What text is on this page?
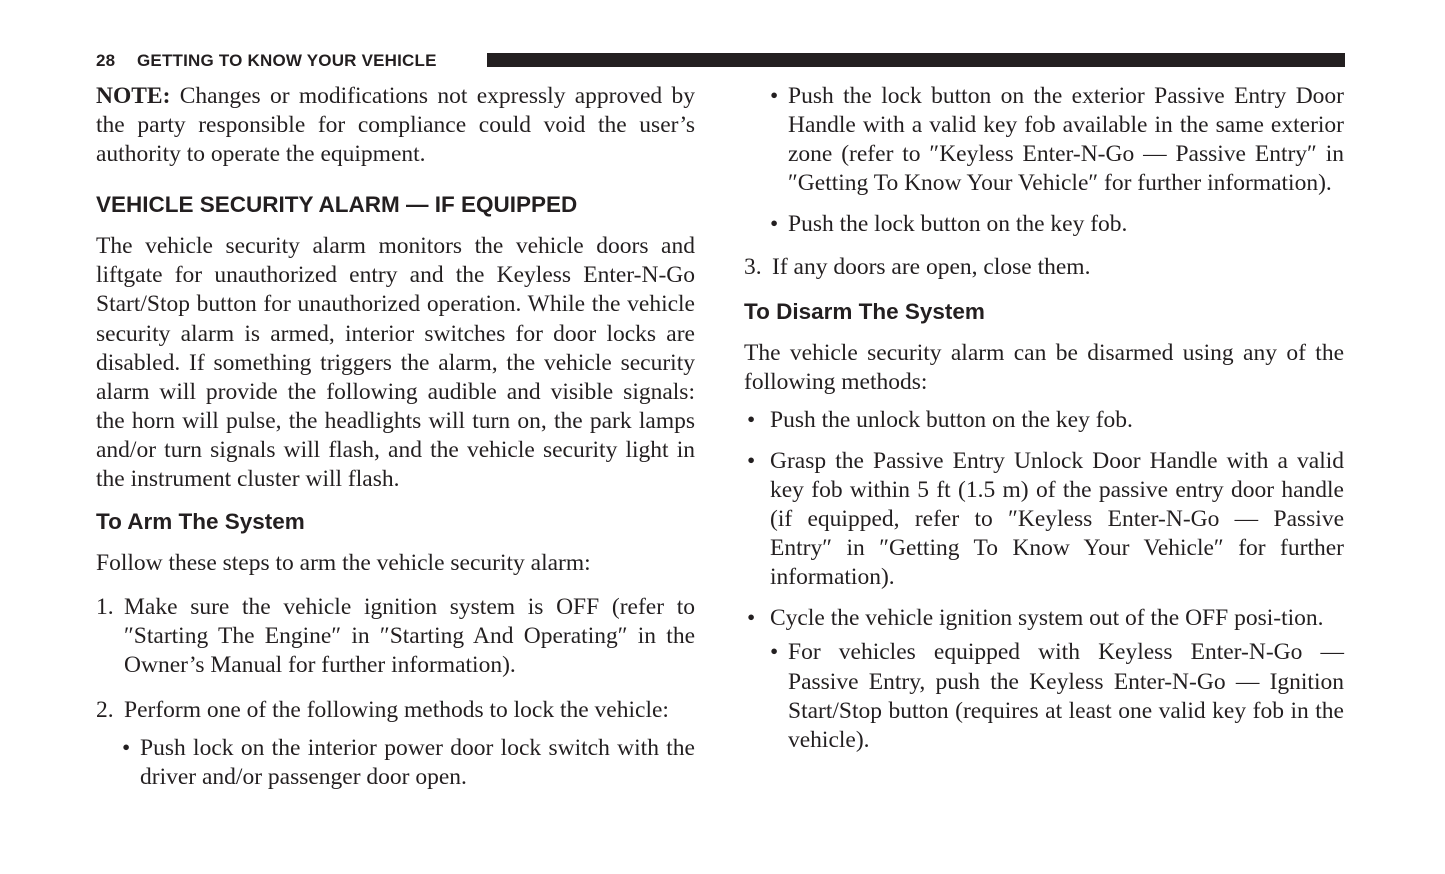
28 GETTING TO KNOW YOUR VEHICLE

NOTE: Changes or modifications not expressly approved by the party responsible for compliance could void the user’s authority to operate the equipment.

VEHICLE SECURITY ALARM — IF EQUIPPED

The vehicle security alarm monitors the vehicle doors and liftgate for unauthorized entry and the Keyless Enter-N-Go Start/Stop button for unauthorized operation. While the vehicle security alarm is armed, interior switches for door locks are disabled. If something triggers the alarm, the vehicle security alarm will provide the following audible and visible signals: the horn will pulse, the headlights will turn on, the park lamps and/or turn signals will flash, and the vehicle security light in the instrument cluster will flash.

To Arm The System

Follow these steps to arm the vehicle security alarm:

1. Make sure the vehicle ignition system is OFF (refer to ″Starting The Engine″ in ″Starting And Operating″ in the Owner’s Manual for further information).
2. Perform one of the following methods to lock the vehicle:
• Push lock on the interior power door lock switch with the driver and/or passenger door open.
• Push the lock button on the exterior Passive Entry Door Handle with a valid key fob available in the same exterior zone (refer to ″Keyless Enter-N-Go — Passive Entry″ in ″Getting To Know Your Vehicle″ for further information).
• Push the lock button on the key fob.
3. If any doors are open, close them.
To Disarm The System

The vehicle security alarm can be disarmed using any of the following methods:

• Push the unlock button on the key fob.
• Grasp the Passive Entry Unlock Door Handle with a valid key fob within 5 ft (1.5 m) of the passive entry door handle (if equipped, refer to ″Keyless Enter-N-Go — Passive Entry″ in ″Getting To Know Your Vehicle″ for further information).
• Cycle the vehicle ignition system out of the OFF posi-tion.
• For vehicles equipped with Keyless Enter-N-Go — Passive Entry, push the Keyless Enter-N-Go — Ignition Start/Stop button (requires at least one valid key fob in the vehicle).
